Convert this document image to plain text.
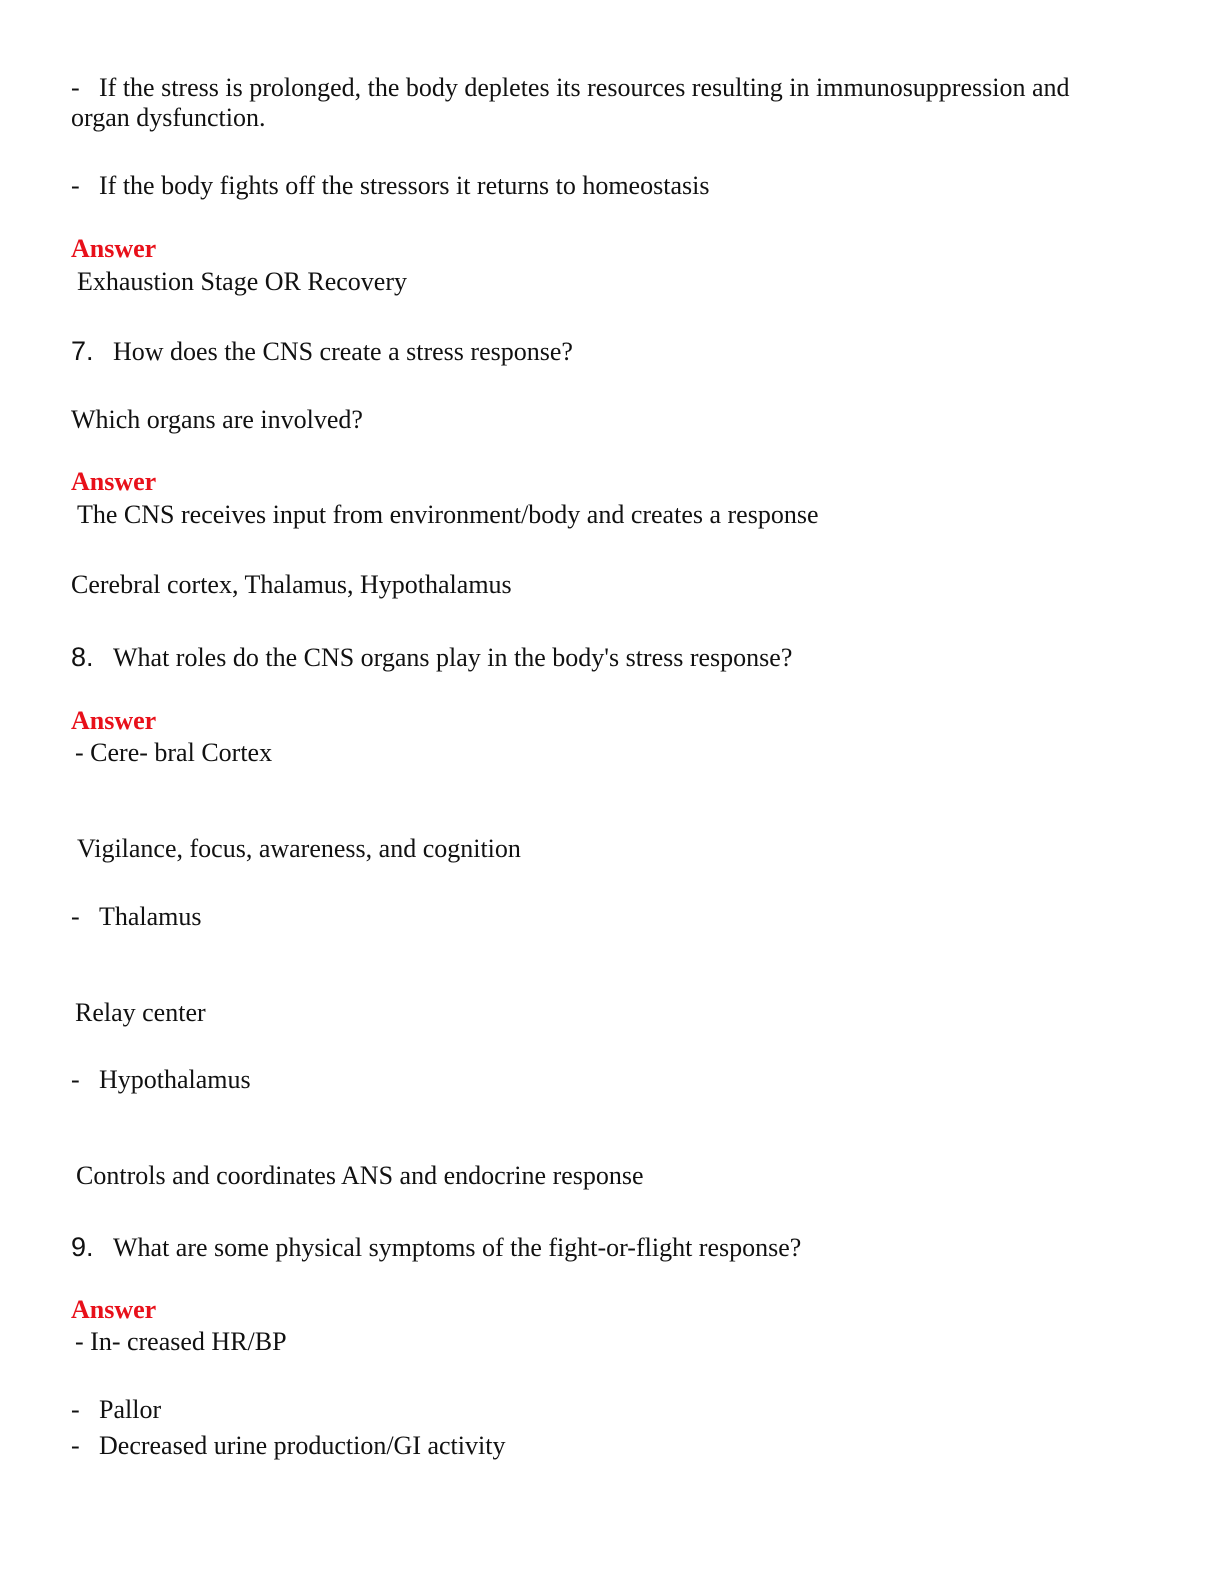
- If the stress is prolonged, the body depletes its resources resulting in immunosuppression and organ dysfunction.
- If the body fights off the stressors it returns to homeostasis
Answer
Exhaustion Stage OR Recovery
7. How does the CNS create a stress response?
Which organs are involved?
Answer
The CNS receives input from environment/body and creates a response
Cerebral cortex, Thalamus, Hypothalamus
8. What roles do the CNS organs play in the body's stress response?
Answer
- Cere- bral Cortex
Vigilance, focus, awareness, and cognition
- Thalamus
Relay center
- Hypothalamus
Controls and coordinates ANS and endocrine response
9. What are some physical symptoms of the fight-or-flight response?
Answer
- In- creased HR/BP
- Pallor
- Decreased urine production/GI activity
